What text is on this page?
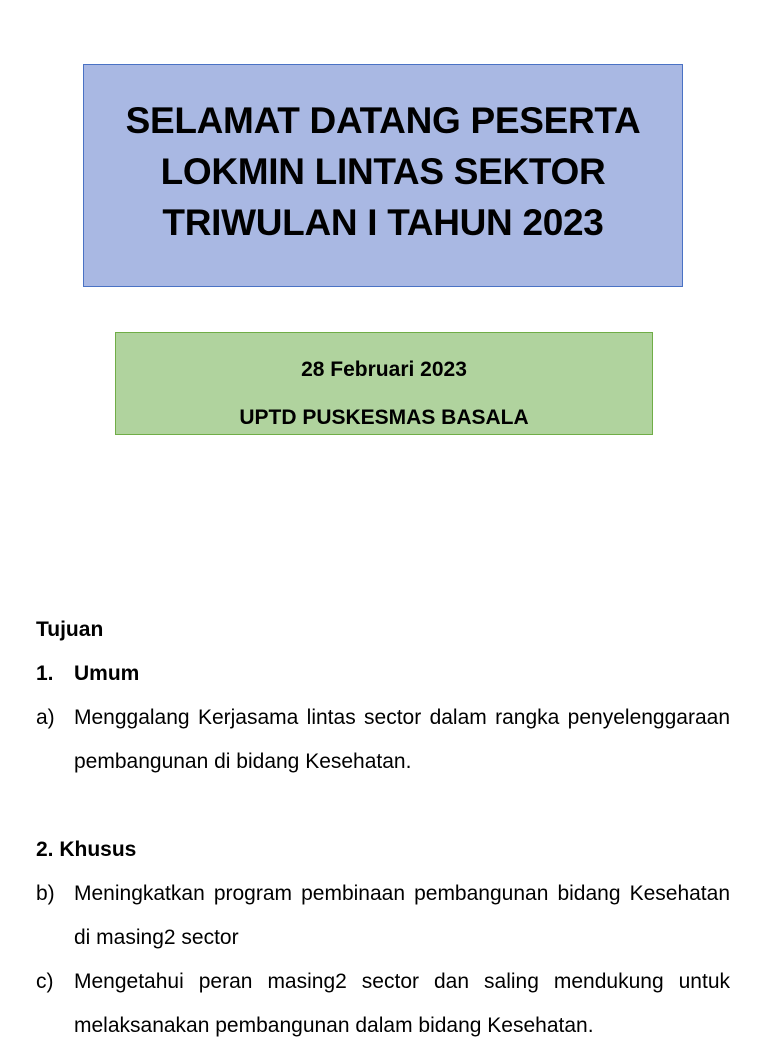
SELAMAT DATANG PESERTA
LOKMIN LINTAS SEKTOR
TRIWULAN I TAHUN 2023
28 Februari 2023
UPTD PUSKESMAS BASALA
Tujuan
1. Umum
a) Menggalang Kerjasama lintas sector dalam rangka penyelenggaraan pembangunan di bidang Kesehatan.
2. Khusus
b) Meningkatkan program pembinaan pembangunan bidang Kesehatan di masing2 sector
c) Mengetahui peran masing2 sector dan saling mendukung untuk melaksanakan pembangunan dalam bidang Kesehatan.
